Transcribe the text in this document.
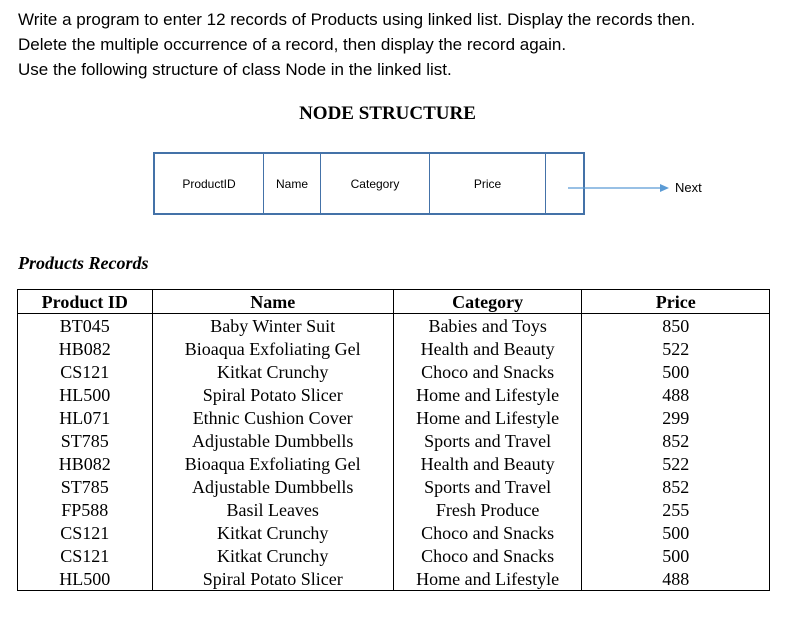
Write a program to enter 12 records of Products using linked list. Display the records then.
Delete the multiple occurrence of a record, then display the record again.
Use the following structure of class Node in the linked list.
NODE STRUCTURE
ProductID	Name	Category	Price	Next
Products Records
Product ID	Name	Category	Price
BT045	Baby Winter Suit	Babies and Toys	850
HB082	Bioaqua Exfoliating Gel	Health and Beauty	522
CS121	Kitkat Crunchy	Choco and Snacks	500
HL500	Spiral Potato Slicer	Home and Lifestyle	488
HL071	Ethnic Cushion Cover	Home and Lifestyle	299
ST785	Adjustable Dumbbells	Sports and Travel	852
HB082	Bioaqua Exfoliating Gel	Health and Beauty	522
ST785	Adjustable Dumbbells	Sports and Travel	852
FP588	Basil Leaves	Fresh Produce	255
CS121	Kitkat Crunchy	Choco and Snacks	500
CS121	Kitkat Crunchy	Choco and Snacks	500
HL500	Spiral Potato Slicer	Home and Lifestyle	488
